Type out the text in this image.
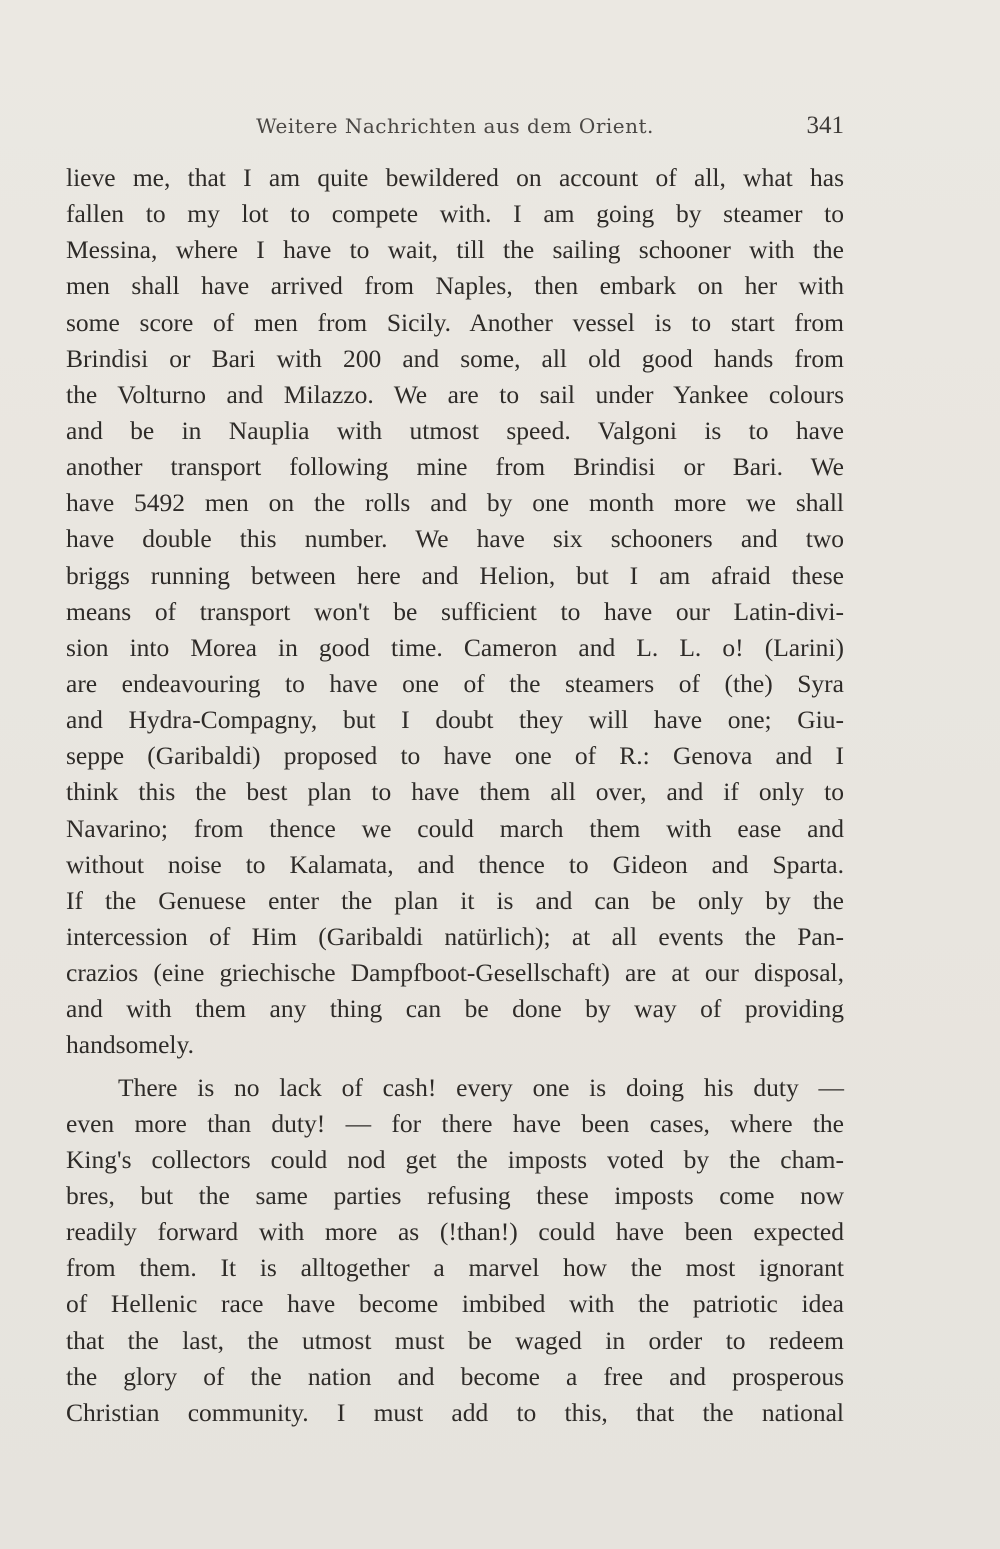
Weitere Nachrichten aus dem Orient.	341
lieve me, that I am quite bewildered on account of all, what has
fallen to my lot to compete with. I am going by steamer to
Messina, where I have to wait, till the sailing schooner with the
men shall have arrived from Naples, then embark on her with
some score of men from Sicily. Another vessel is to start from
Brindisi or Bari with 200 and some, all old good hands from
the Volturno and Milazzo. We are to sail under Yankee colours
and be in Nauplia with utmost speed. Valgoni is to have
another transport following mine from Brindisi or Bari. We
have 5492 men on the rolls and by one month more we shall
have double this number. We have six schooners and two
briggs running between here and Helion, but I am afraid these
means of transport won't be sufficient to have our Latin-divi-
sion into Morea in good time. Cameron and L. L. o! (Larini)
are endeavouring to have one of the steamers of (the) Syra
and Hydra-Compagny, but I doubt they will have one; Giu-
seppe (Garibaldi) proposed to have one of R.: Genova and I
think this the best plan to have them all over, and if only to
Navarino; from thence we could march them with ease and
without noise to Kalamata, and thence to Gideon and Sparta.
If the Genuese enter the plan it is and can be only by the
intercession of Him (Garibaldi natürlich); at all events the Pan-
crazios (eine griechische Dampfboot-Gesellschaft) are at our disposal,
and with them any thing can be done by way of providing
handsomely.
There is no lack of cash! every one is doing his duty —
even more than duty! — for there have been cases, where the
King's collectors could nod get the imposts voted by the cham-
bres, but the same parties refusing these imposts come now
readily forward with more as (!than!) could have been expected
from them. It is alltogether a marvel how the most ignorant
of Hellenic race have become imbibed with the patriotic idea
that the last, the utmost must be waged in order to redeem
the glory of the nation and become a free and prosperous
Christian community. I must add to this, that the national
